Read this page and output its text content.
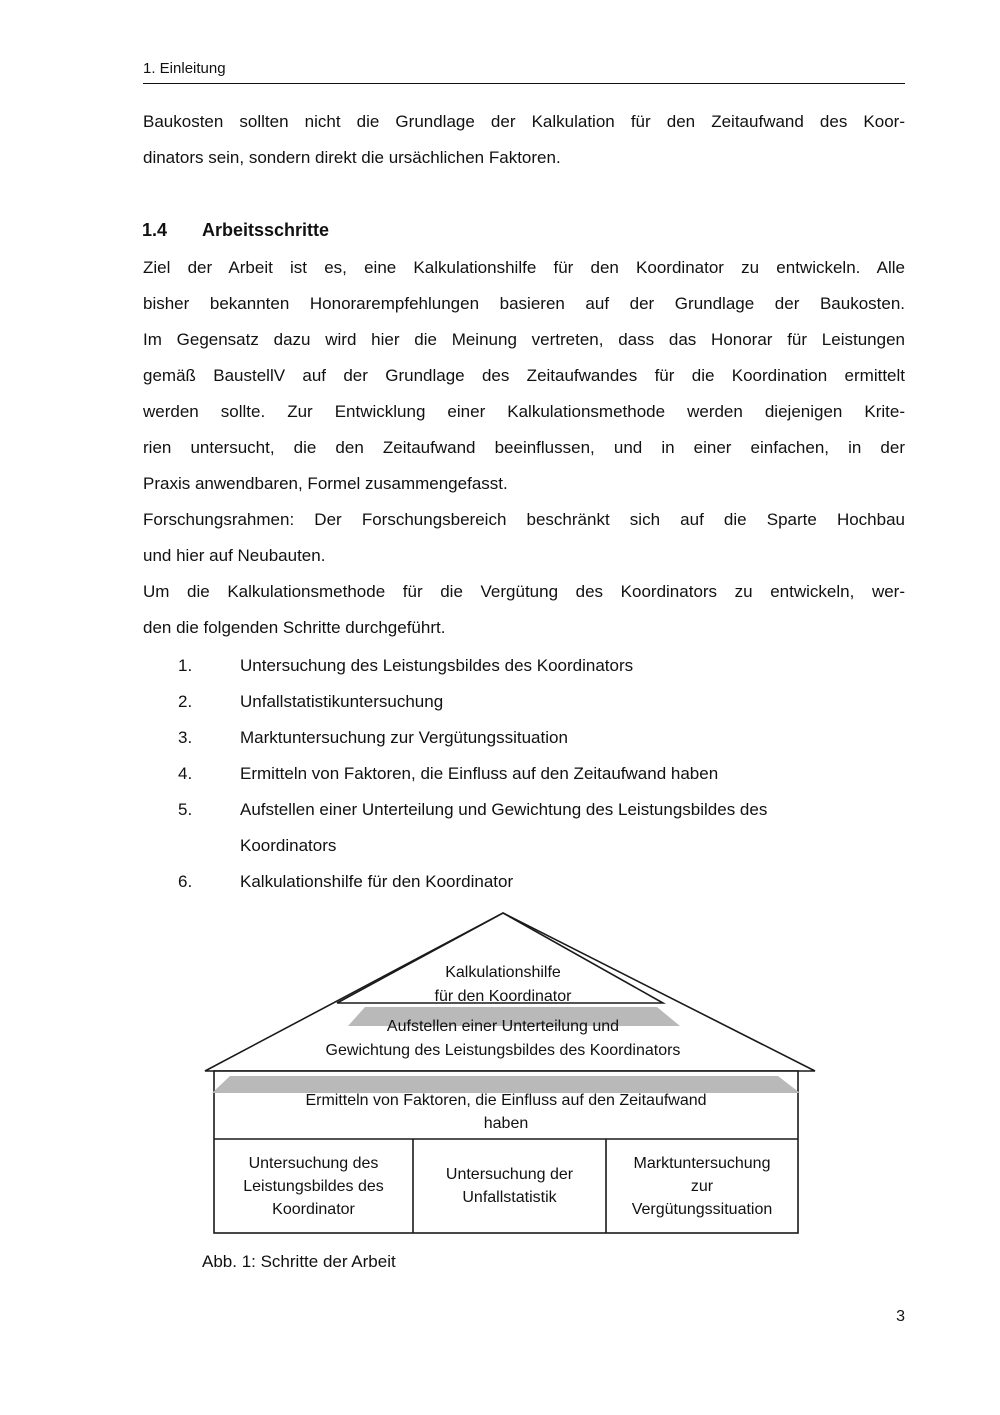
1. Einleitung
Baukosten sollten nicht die Grundlage der Kalkulation für den Zeitaufwand des Koor-
dinators sein, sondern direkt die ursächlichen Faktoren.
1.4 Arbeitsschritte
Ziel der Arbeit ist es, eine Kalkulationshilfe für den Koordinator zu entwickeln. Alle
bisher bekannten Honorarempfehlungen basieren auf der Grundlage der Baukosten.
Im Gegensatz dazu wird hier die Meinung vertreten, dass das Honorar für Leistungen
gemäß BaustellV auf der Grundlage des Zeitaufwandes für die Koordination ermittelt
werden sollte. Zur Entwicklung einer Kalkulationsmethode werden diejenigen Krite-
rien untersucht, die den Zeitaufwand beeinflussen, und in einer einfachen, in der
Praxis anwendbaren, Formel zusammengefasst.
Forschungsrahmen: Der Forschungsbereich beschränkt sich auf die Sparte Hochbau
und hier auf Neubauten.
Um die Kalkulationsmethode für die Vergütung des Koordinators zu entwickeln, wer-
den die folgenden Schritte durchgeführt.
1.	Untersuchung des Leistungsbildes des Koordinators
2.	Unfallstatistikuntersuchung
3.	Marktuntersuchung zur Vergütungssituation
4.	Ermitteln von Faktoren, die Einfluss auf den Zeitaufwand haben
5.	Aufstellen einer Unterteilung und Gewichtung des Leistungsbildes des
Koordinators
6.	Kalkulationshilfe für den Koordinator
Kalkulationshilfe
für den Koordinator
Aufstellen einer Unterteilung und
Gewichtung des Leistungsbildes des Koordinators
Ermitteln von Faktoren, die Einfluss auf den Zeitaufwand
haben
Untersuchung des
Leistungsbildes des
Koordinator
Untersuchung der
Unfallstatistik
Marktuntersuchung
zur
Vergütungssituation
Abb. 1: Schritte der Arbeit
3
